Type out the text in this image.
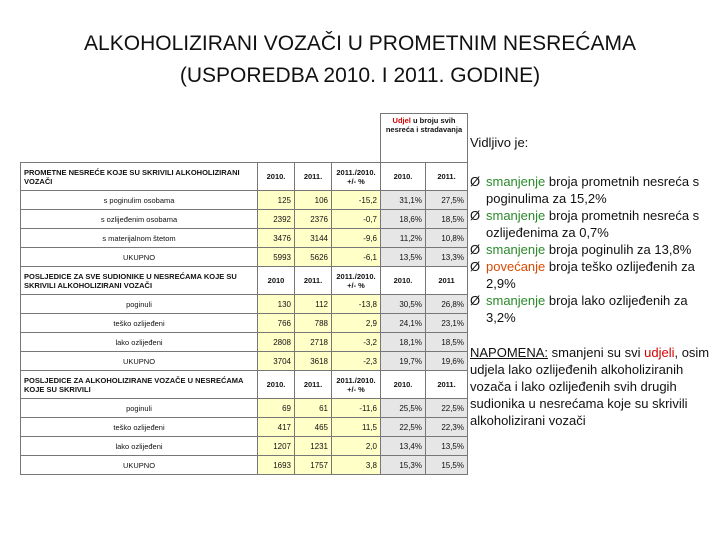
ALKOHOLIZIRANI VOZAČI U PROMETNIM NESREĆAMA
(USPOREDBA 2010. I 2011. GODINE)
				Udjel u broju svih nesreća i stradavanja	
PROMETNE NESREĆE KOJE SU SKRIVILI ALKOHOLIZIRANI VOZAČI	2010.	2011.	2011./2010. +/- %	2010.	2011.
s poginulim osobama	125	106	-15,2	31,1%	27,5%
s ozlijeđenim osobama	2392	2376	-0,7	18,6%	18,5%
s materijalnom štetom	3476	3144	-9,6	11,2%	10,8%
UKUPNO	5993	5626	-6,1	13,5%	13,3%
POSLJEDICE ZA SVE SUDIONIKE U NESREĆAMA KOJE SU SKRIVILI ALKOHOLIZIRANI VOZAČI	2010	2011.	2011./2010. +/- %	2010.	2011
poginuli	130	112	-13,8	30,5%	26,8%
teško ozlijeđeni	766	788	2,9	24,1%	23,1%
lako ozlijeđeni	2808	2718	-3,2	18,1%	18,5%
UKUPNO	3704	3618	-2,3	19,7%	19,6%
POSLJEDICE ZA ALKOHOLIZIRANE VOZAČE U NESREĆAMA KOJE SU SKRIVILI	2010.	2011.	2011./2010. +/- %	2010.	2011.
poginuli	69	61	-11,6	25,5%	22,5%
teško ozlijeđeni	417	465	11,5	22,5%	22,3%
lako ozlijeđeni	1207	1231	2,0	13,4%	13,5%
UKUPNO	1693	1757	3,8	15,3%	15,5%

Vidljivo je:

Ø smanjenje broja prometnih nesreća s poginulima za 15,2%
Ø smanjenje broja prometnih nesreća s ozlijeđenima za 0,7%
Ø smanjenje broja poginulih za 13,8%
Ø povećanje broja teško ozlijeđenih za 2,9%
Ø smanjenje broja lako ozlijeđenih za 3,2%

NAPOMENA: smanjeni su svi udjeli, osim udjela lako ozlijeđenih alkoholiziranih vozača i lako ozlijeđenih svih drugih sudionika u nesrećama koje su skrivili alkoholizirani vozači
